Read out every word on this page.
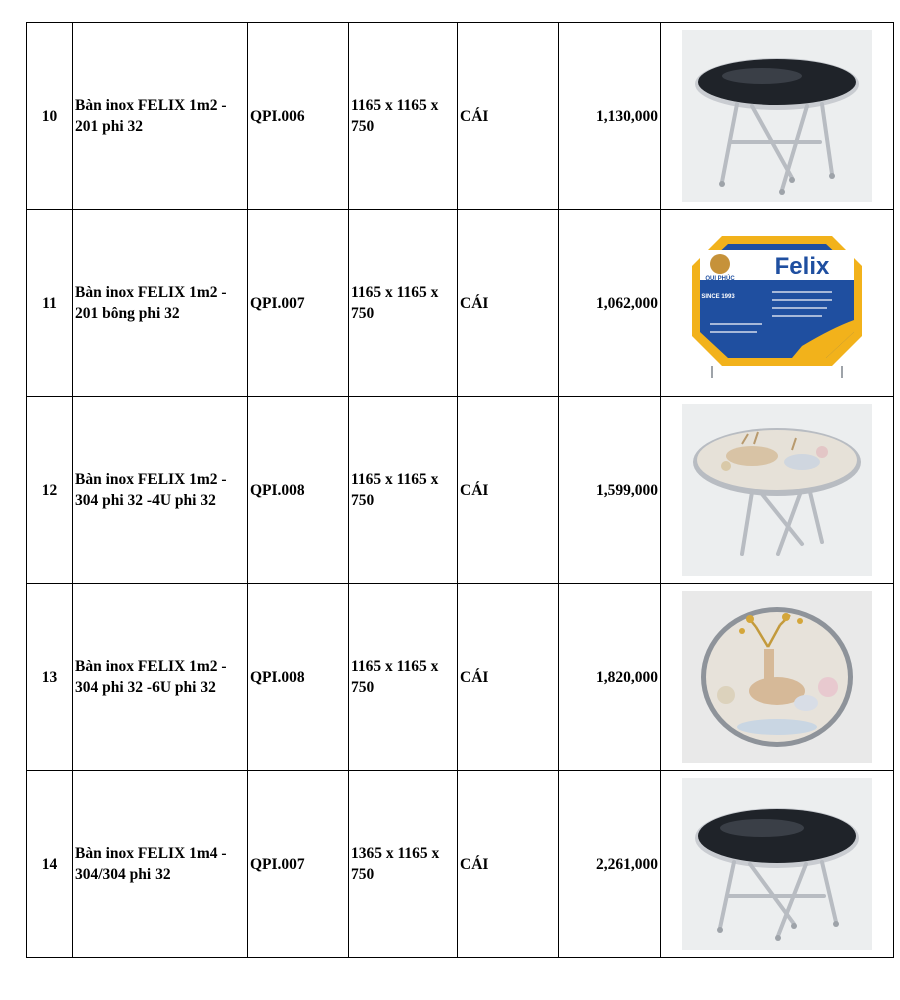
10	Bàn inox FELIX 1m2 - 201 phi 32	QPI.006	1165 x 1165 x 750	CÁI	1,130,000	

11	Bàn inox FELIX 1m2 - 201 bông phi 32	QPI.007	1165 x 1165 x 750	CÁI	1,062,000	QUI PHÚC Felix
SINCE 1993

12	Bàn inox FELIX 1m2 - 304 phi 32 -4U phi 32	QPI.008	1165 x 1165 x 750	CÁI	1,599,000	

13	Bàn inox FELIX 1m2 - 304 phi 32 -6U phi 32	QPI.008	1165 x 1165 x 750	CÁI	1,820,000	

14	Bàn inox FELIX 1m4 - 304/304 phi 32	QPI.007	1365 x 1165 x 750	CÁI	2,261,000	
